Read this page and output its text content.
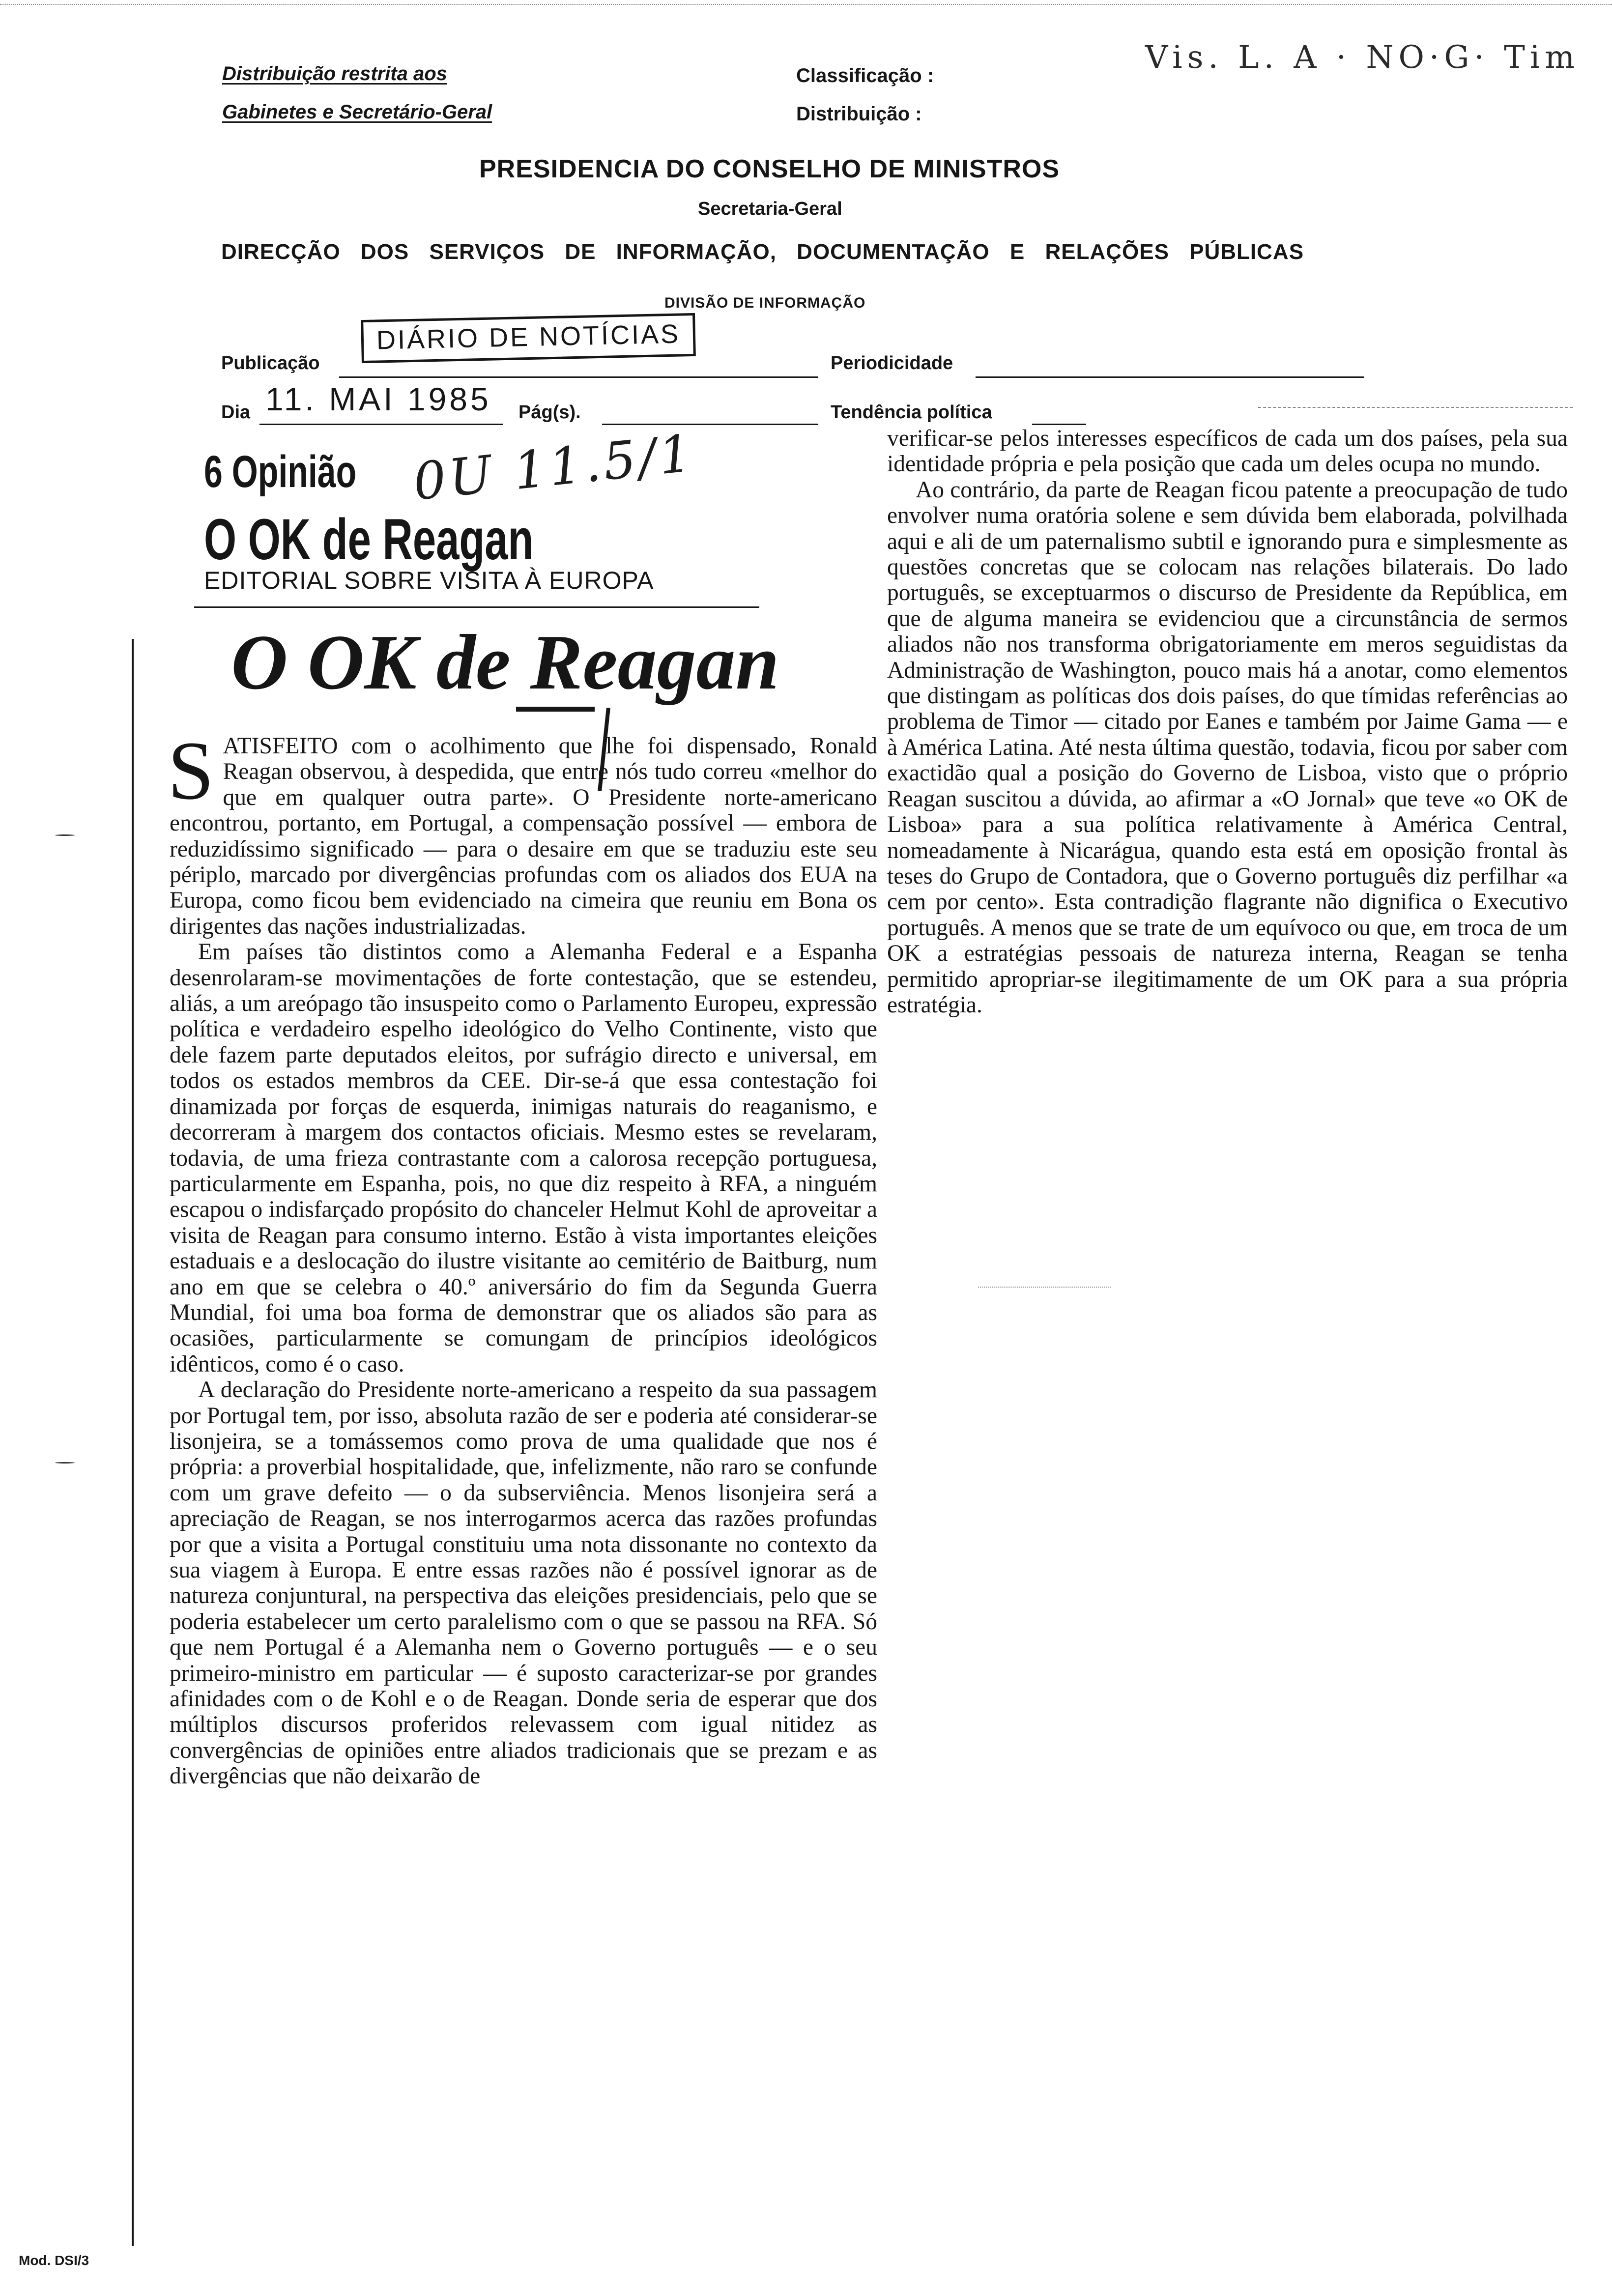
Distribuição restrita aos
Gabinetes e Secretário-Geral
Classificação :
Distribuição :
Vis. L. A · NO·G· Tim
PRESIDENCIA DO CONSELHO DE MINISTROS
Secretaria-Geral
DIRECÇÃO DOS SERVIÇOS DE INFORMAÇÃO, DOCUMENTAÇÃO E RELAÇÕES PÚBLICAS
DIVISÃO DE INFORMAÇÃO
Publicação
DIÁRIO DE NOTÍCIAS
Periodicidade
Dia 11. MAI 1985 Pág(s).	Tendência política
6 Opinião 0U 11.5/1
O OK de Reagan
EDITORIAL SOBRE VISITA À EUROPA
O OK de Reagan

SATISFEITO com o acolhimento que lhe foi dispensado, Ronald Reagan observou, à despedida, que entre nós tudo correu «melhor do que em qualquer outra parte». O Presidente norte-americano encontrou, portanto, em Portugal, a compensação possível — embora de reduzidíssimo significado — para o desaire em que se traduziu este seu périplo, marcado por divergências profundas com os aliados dos EUA na Europa, como ficou bem evidenciado na cimeira que reuniu em Bona os dirigentes das nações industrializadas.

Em países tão distintos como a Alemanha Federal e a Espanha desenrolaram-se movimentações de forte contestação, que se estendeu, aliás, a um areópago tão insuspeito como o Parlamento Europeu, expressão política e verdadeiro espelho ideológico do Velho Continente, visto que dele fazem parte deputados eleitos, por sufrágio directo e universal, em todos os estados membros da CEE. Dir-se-á que essa contestação foi dinamizada por forças de esquerda, inimigas naturais do reaganismo, e decorreram à margem dos contactos oficiais. Mesmo estes se revelaram, todavia, de uma frieza contrastante com a calorosa recepção portuguesa, particularmente em Espanha, pois, no que diz respeito à RFA, a ninguém escapou o indisfarçado propósito do chanceler Helmut Kohl de aproveitar a visita de Reagan para consumo interno. Estão à vista importantes eleições estaduais e a deslocação do ilustre visitante ao cemitério de Baitburg, num ano em que se celebra o 40.º aniversário do fim da Segunda Guerra Mundial, foi uma boa forma de demonstrar que os aliados são para as ocasiões, particularmente se comungam de princípios ideológicos idênticos, como é o caso.

A declaração do Presidente norte-americano a respeito da sua passagem por Portugal tem, por isso, absoluta razão de ser e poderia até considerar-se lisonjeira, se a tomássemos como prova de uma qualidade que nos é própria: a proverbial hospitalidade, que, infelizmente, não raro se confunde com um grave defeito — o da subserviência. Menos lisonjeira será a apreciação de Reagan, se nos interrogarmos acerca das razões profundas por que a visita a Portugal constituiu uma nota dissonante no contexto da sua viagem à Europa. E entre essas razões não é possível ignorar as de natureza conjuntural, na perspectiva das eleições presidenciais, pelo que se poderia estabelecer um certo paralelismo com o que se passou na RFA. Só que nem Portugal é a Alemanha nem o Governo português — e o seu primeiro-ministro em particular — é suposto caracterizar-se por grandes afinidades com o de Kohl e o de Reagan. Donde seria de esperar que dos múltiplos discursos proferidos relevassem com igual nitidez as convergências de opiniões entre aliados tradicionais que se prezam e as divergências que não deixarão de

verificar-se pelos interesses específicos de cada um dos países, pela sua identidade própria e pela posição que cada um deles ocupa no mundo.

Ao contrário, da parte de Reagan ficou patente a preocupação de tudo envolver numa oratória solene e sem dúvida bem elaborada, polvilhada aqui e ali de um paternalismo subtil e ignorando pura e simplesmente as questões concretas que se colocam nas relações bilaterais. Do lado português, se exceptuarmos o discurso de Presidente da República, em que de alguma maneira se evidenciou que a circunstância de sermos aliados não nos transforma obrigatoriamente em meros seguidistas da Administração de Washington, pouco mais há a anotar, como elementos que distingam as políticas dos dois países, do que tímidas referências ao problema de Timor — citado por Eanes e também por Jaime Gama — e à América Latina. Até nesta última questão, todavia, ficou por saber com exactidão qual a posição do Governo de Lisboa, visto que o próprio Reagan suscitou a dúvida, ao afirmar a «O Jornal» que teve «o OK de Lisboa» para a sua política relativamente à América Central, nomeadamente à Nicarágua, quando esta está em oposição frontal às teses do Grupo de Contadora, que o Governo português diz perfilhar «a cem por cento». Esta contradição flagrante não dignifica o Executivo português. A menos que se trate de um equívoco ou que, em troca de um OK a estratégias pessoais de natureza interna, Reagan se tenha permitido apropriar-se ilegitimamente de um OK para a sua própria estratégia.

Mod. DSI/3
